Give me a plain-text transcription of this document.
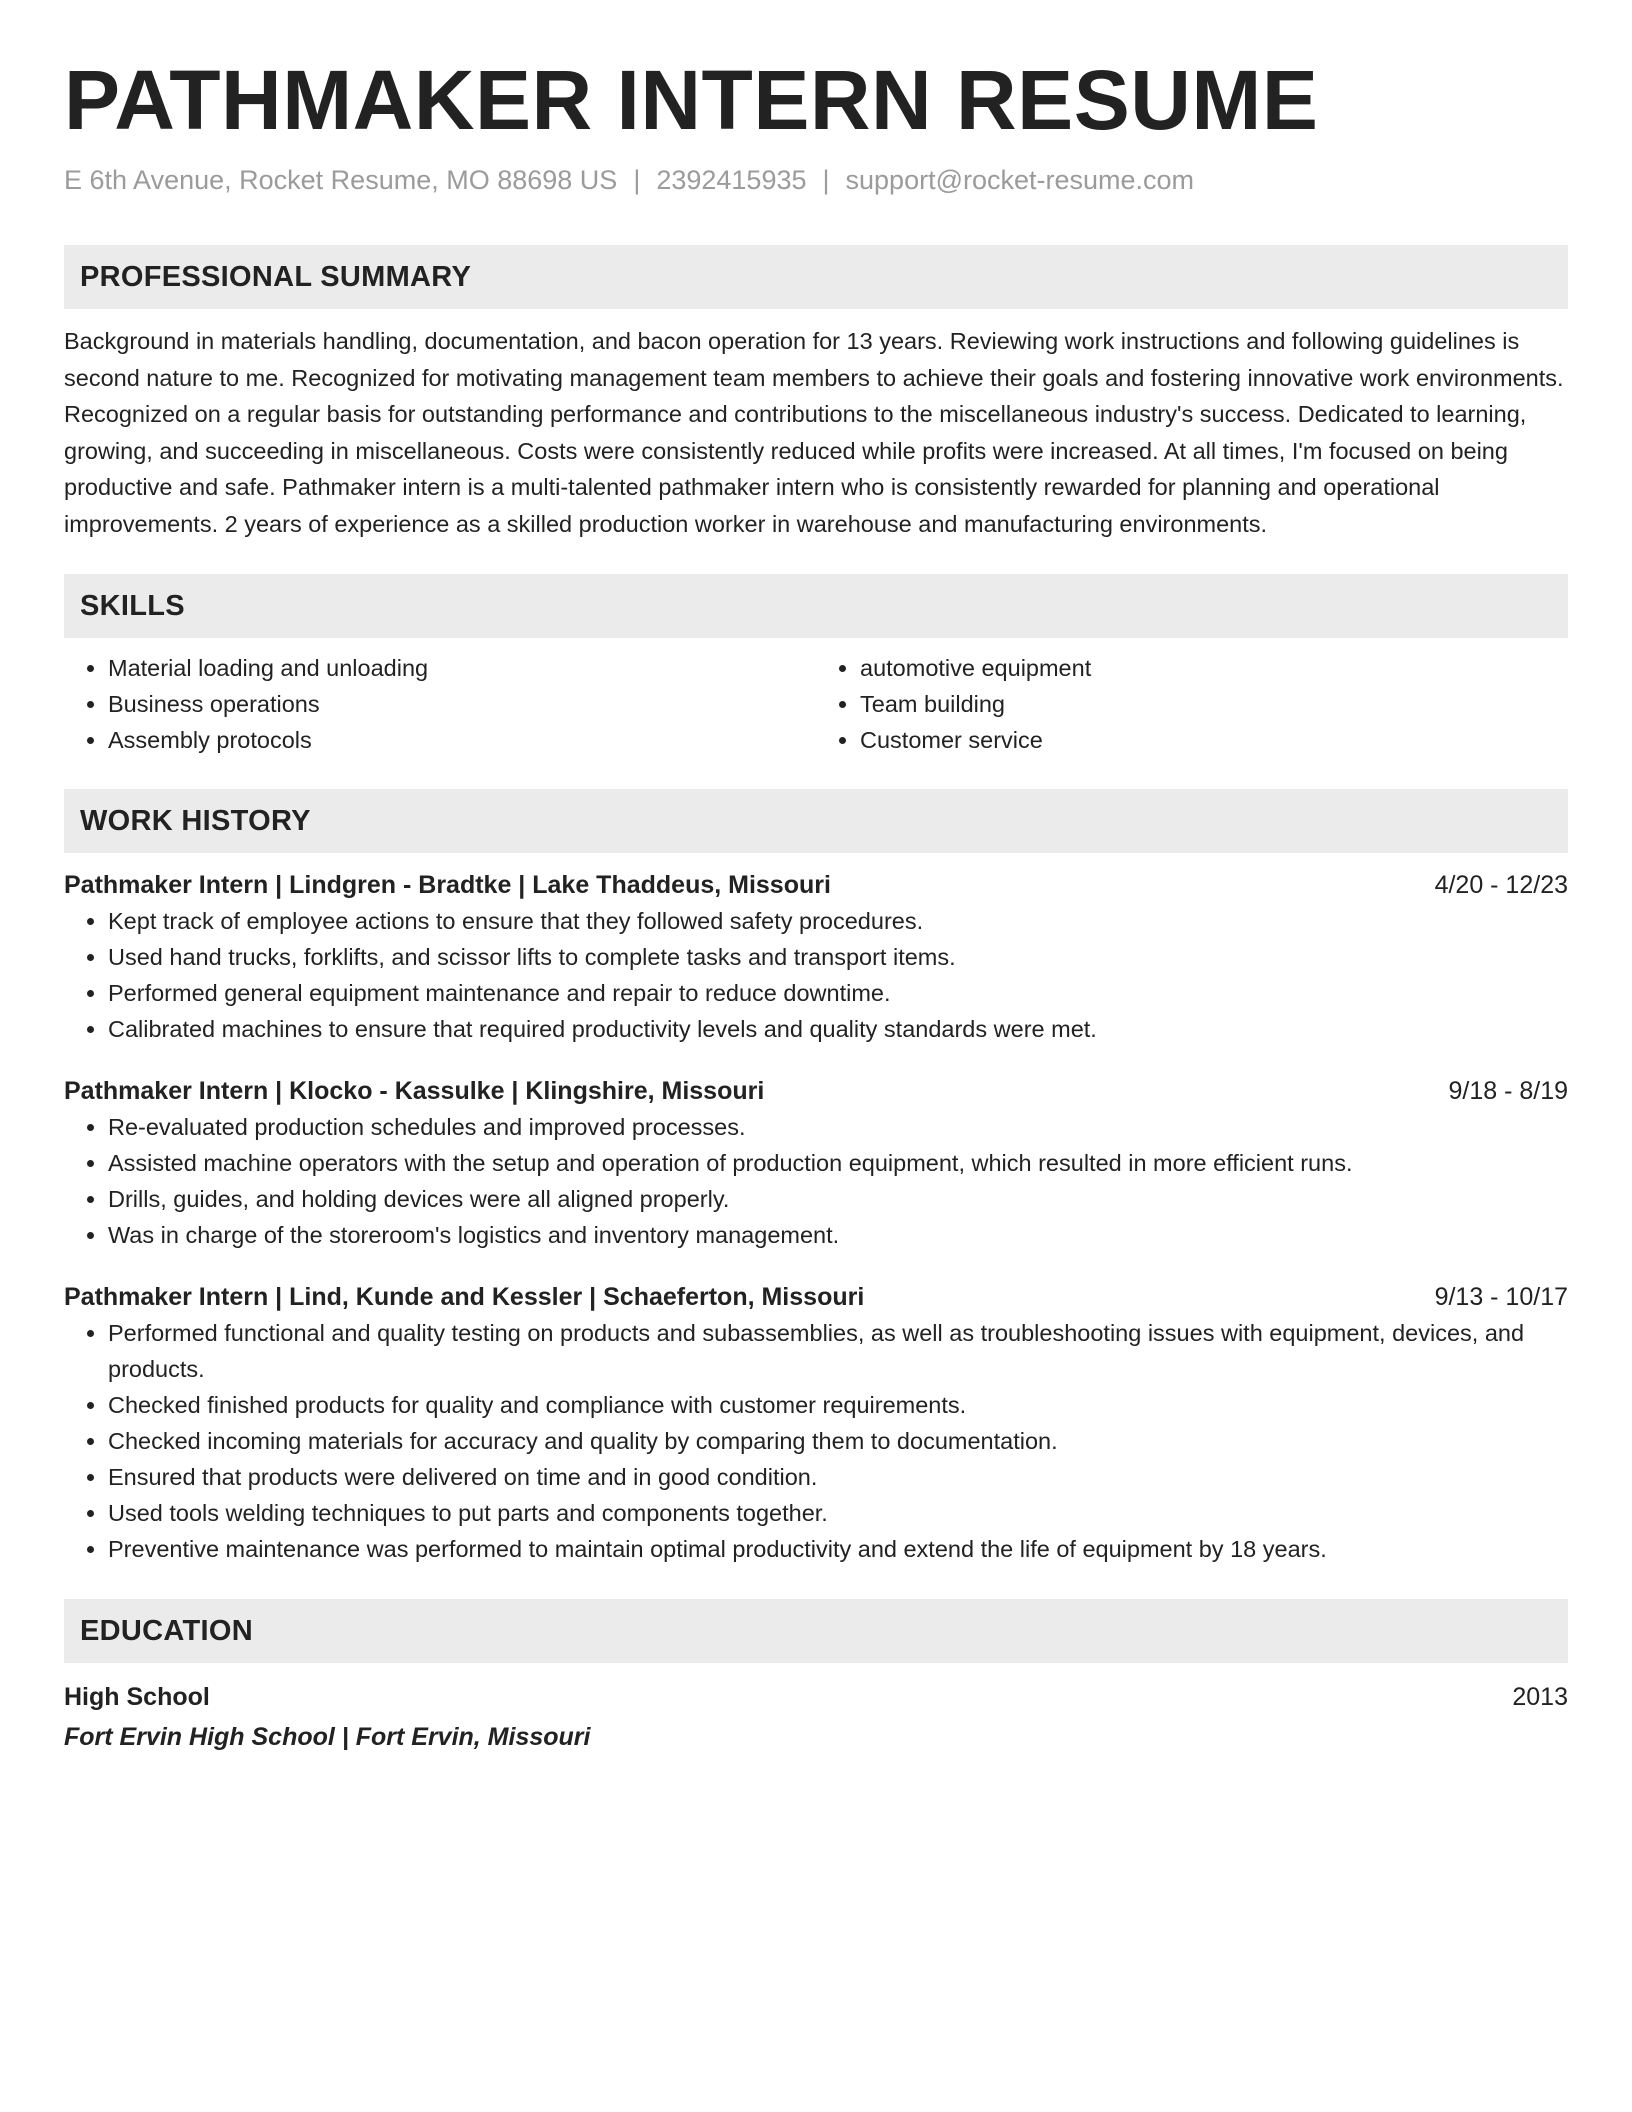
PATHMAKER INTERN RESUME
E 6th Avenue, Rocket Resume, MO 88698 US | 2392415935 | support@rocket-resume.com
PROFESSIONAL SUMMARY

Background in materials handling, documentation, and bacon operation for 13 years. Reviewing work instructions and following guidelines is second nature to me. Recognized for motivating management team members to achieve their goals and fostering innovative work environments. Recognized on a regular basis for outstanding performance and contributions to the miscellaneous industry's success. Dedicated to learning, growing, and succeeding in miscellaneous. Costs were consistently reduced while profits were increased. At all times, I'm focused on being productive and safe. Pathmaker intern is a multi-talented pathmaker intern who is consistently rewarded for planning and operational improvements. 2 years of experience as a skilled production worker in warehouse and manufacturing environments.

SKILLS
• Material loading and unloading
• Business operations
• Assembly protocols
• automotive equipment
• Team building
• Customer service
WORK HISTORY
Pathmaker Intern | Lindgren - Bradtke | Lake Thaddeus, Missouri	4/20 - 12/23
• Kept track of employee actions to ensure that they followed safety procedures.
• Used hand trucks, forklifts, and scissor lifts to complete tasks and transport items.
• Performed general equipment maintenance and repair to reduce downtime.
• Calibrated machines to ensure that required productivity levels and quality standards were met.
Pathmaker Intern | Klocko - Kassulke | Klingshire, Missouri	9/18 - 8/19
• Re-evaluated production schedules and improved processes.
• Assisted machine operators with the setup and operation of production equipment, which resulted in more efficient runs.
• Drills, guides, and holding devices were all aligned properly.
• Was in charge of the storeroom's logistics and inventory management.
Pathmaker Intern | Lind, Kunde and Kessler | Schaeferton, Missouri	9/13 - 10/17
• Performed functional and quality testing on products and subassemblies, as well as troubleshooting issues with equipment, devices, and products.
• Checked finished products for quality and compliance with customer requirements.
• Checked incoming materials for accuracy and quality by comparing them to documentation.
• Ensured that products were delivered on time and in good condition.
• Used tools welding techniques to put parts and components together.
• Preventive maintenance was performed to maintain optimal productivity and extend the life of equipment by 18 years.
EDUCATION
High School	2013
Fort Ervin High School | Fort Ervin, Missouri
